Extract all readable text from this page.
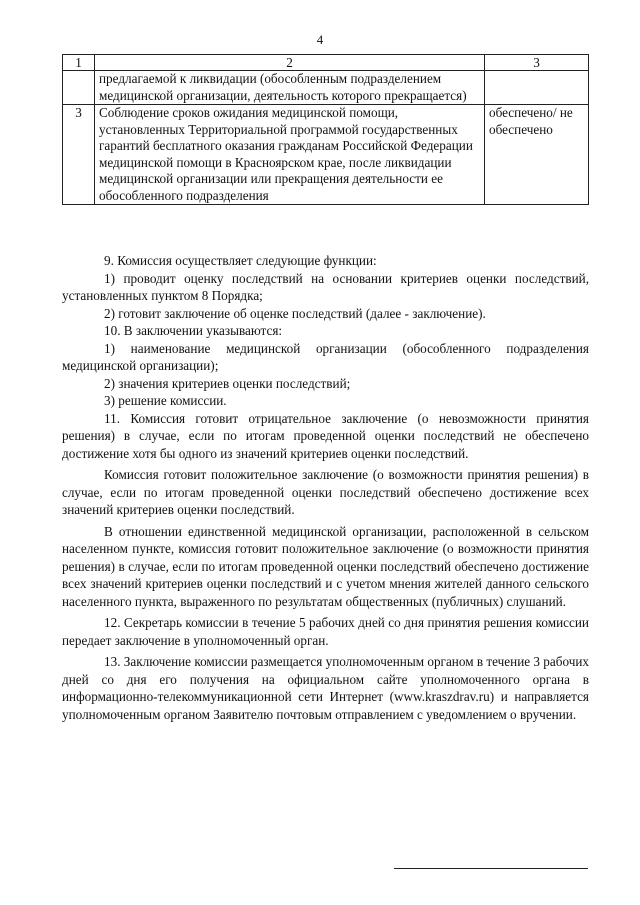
4
1	2	3
	предлагаемой к ликвидации (обособленным подразделением медицинской организации, деятельность которого прекращается)	
3	Соблюдение сроков ожидания медицинской помощи, установленных Территориальной программой государственных гарантий бесплатного оказания гражданам Российской Федерации медицинской помощи в Красноярском крае, после ликвидации медицинской организации или прекращения деятельности ее обособленного подразделения	обеспечено/ не обеспечено

9. Комиссия осуществляет следующие функции:

1) проводит оценку последствий на основании критериев оценки последствий, установленных пунктом 8 Порядка;

2) готовит заключение об оценке последствий (далее - заключение).

10. В заключении указываются:

1) наименование медицинской организации (обособленного подразделения медицинской организации);

2) значения критериев оценки последствий;

3) решение комиссии.

11. Комиссия готовит отрицательное заключение (о невозможности принятия решения) в случае, если по итогам проведенной оценки последствий не обеспечено достижение хотя бы одного из значений критериев оценки последствий.

Комиссия готовит положительное заключение (о возможности принятия решения) в случае, если по итогам проведенной оценки последствий обеспечено достижение всех значений критериев оценки последствий.

В отношении единственной медицинской организации, расположенной в сельском населенном пункте, комиссия готовит положительное заключение (о возможности принятия решения) в случае, если по итогам проведенной оценки последствий обеспечено достижение всех значений критериев оценки последствий и с учетом мнения жителей данного сельского населенного пункта, выраженного по результатам общественных (публичных) слушаний.

12. Секретарь комиссии в течение 5 рабочих дней со дня принятия решения комиссии передает заключение в уполномоченный орган.

13. Заключение комиссии размещается уполномоченным органом в течение 3 рабочих дней со дня его получения на официальном сайте уполномоченного органа в информационно-телекоммуникационной сети Интернет (www.kraszdrav.ru) и направляется уполномоченным органом Заявителю почтовым отправлением с уведомлением о вручении.
